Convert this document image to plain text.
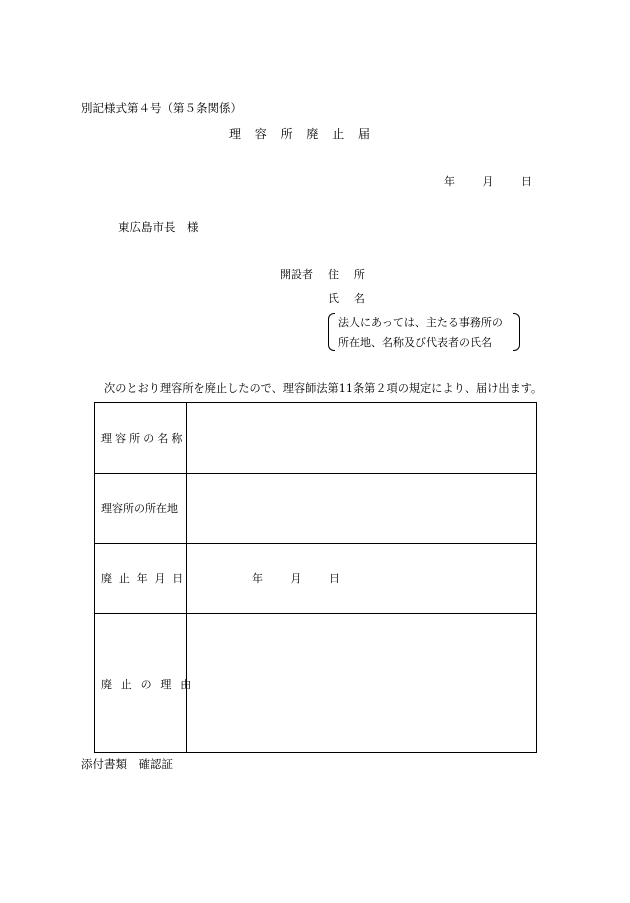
別記様式第４号（第５条関係）
理容所廃止届
年	月	日
東広島市長　様
開設者 住所
氏名
法人にあっては、主たる事務所の
所在地、名称及び代表者の氏名
次のとおり理容所を廃止したので、理容師法第11条第２項の規定により、届け出ます。
理容所の名称
理容所の所在地
廃止年月日	年	月	日
廃止の理由
添付書類　確認証
